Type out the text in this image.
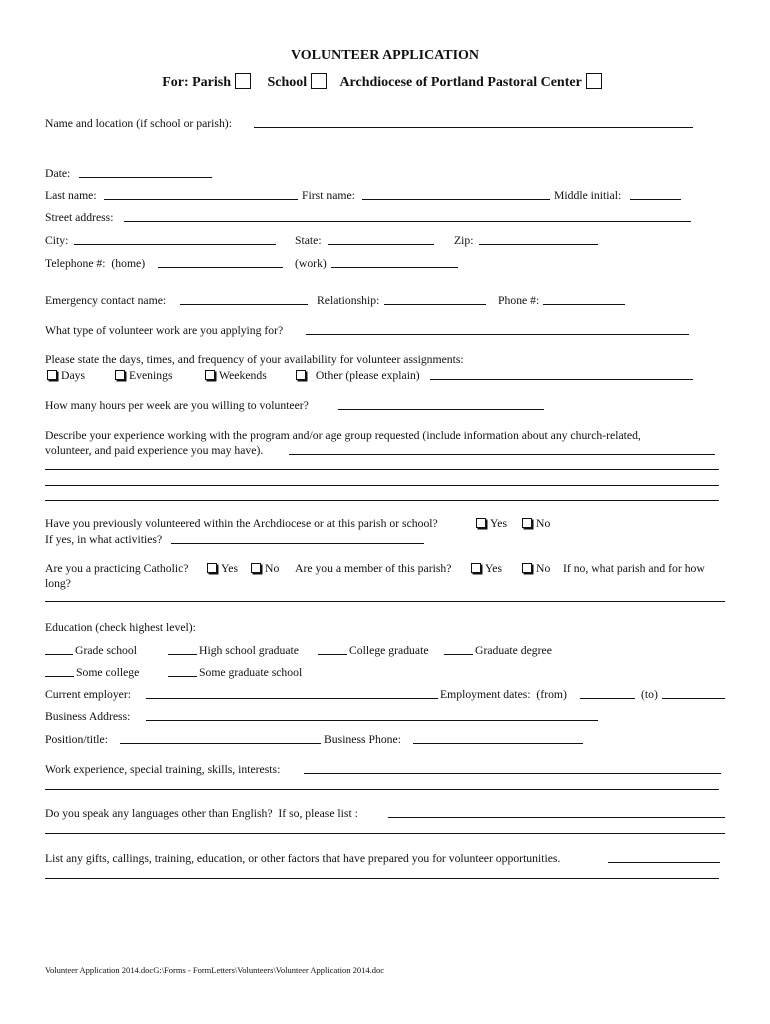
VOLUNTEER APPLICATION
For: Parish	School Archdiocese of Portland Pastoral Center
Name and location (if school or parish):
Date:
Last name:	First name:	Middle initial:
Street address:
City:	State:	Zip:
Telephone #:  (home)	(work)
Emergency contact name:	Relationship:	Phone #:
What type of volunteer work are you applying for?
Please state the days, times, and frequency of your availability for volunteer assignments:
Days	Evenings	Weekends	Other (please explain)
How many hours per week are you willing to volunteer?
Describe your experience working with the program and/or age group requested (include information about any church-related,
volunteer, and paid experience you may have).
Have you previously volunteered within the Archdiocese or at this parish or school?	Yes	No
If yes, in what activities?
Are you a practicing Catholic?	Yes	No Are you a member of this parish?	Yes	No If no, what parish and for how
long?
Education (check highest level):
Grade school	High school graduate	College graduate	Graduate degree
Some college	Some graduate school
Current employer:	Employment dates:  (from)	(to)
Business Address:
Position/title:	Business Phone:
Work experience, special training, skills, interests:
Do you speak any languages other than English?  If so, please list :
List any gifts, callings, training, education, or other factors that have prepared you for volunteer opportunities.
Volunteer Application 2014.docG:\Forms - FormLetters\Volunteers\Volunteer Application 2014.doc
